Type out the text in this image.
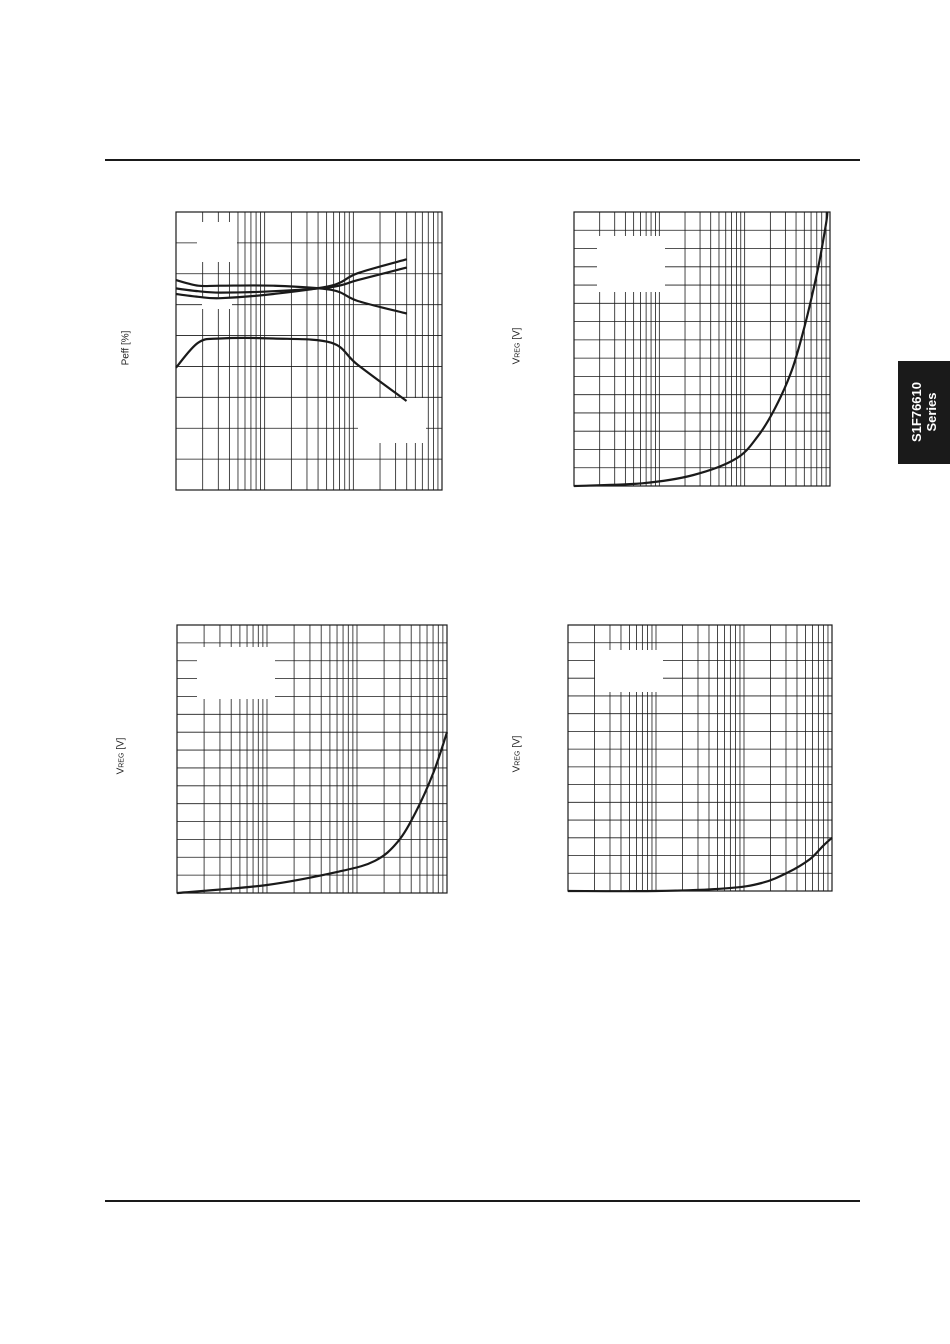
S1F76610
Series
Peff [%]	VREG [V]
VREG [V]
VREG [V]
